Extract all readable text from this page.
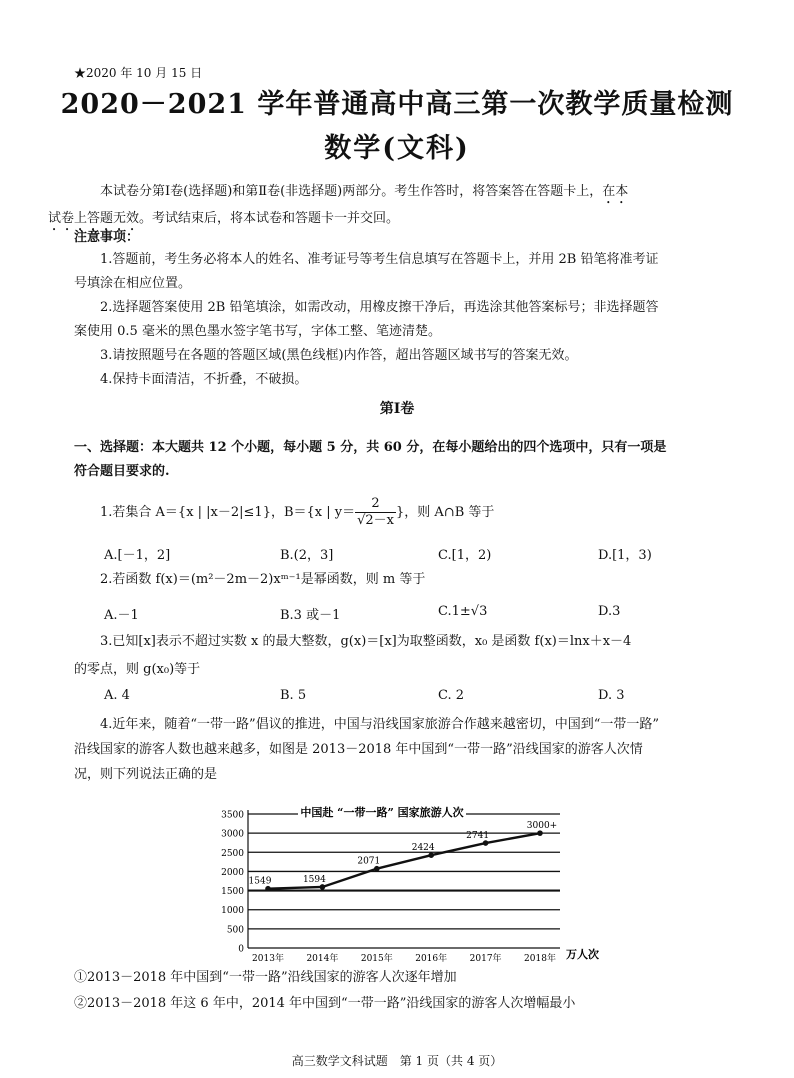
★2020 年 10 月 15 日
2020－2021 学年普通高中高三第一次教学质量检测
数学(文科)
本试卷分第Ⅰ卷(选择题)和第Ⅱ卷(非选择题)两部分。考生作答时，将答案答在答题卡上，在本
试卷上答题无效。考试结束后，将本试卷和答题卡一并交回。
注意事项：
1.答题前，考生务必将本人的姓名、准考证号等考生信息填写在答题卡上，并用 2B 铅笔将准考证
号填涂在相应位置。
2.选择题答案使用 2B 铅笔填涂，如需改动，用橡皮擦干净后，再选涂其他答案标号；非选择题答
案使用 0.5 毫米的黑色墨水签字笔书写，字体工整、笔迹清楚。
3.请按照题号在各题的答题区域(黑色线框)内作答，超出答题区域书写的答案无效。
4.保持卡面清洁，不折叠，不破损。
第Ⅰ卷
一、选择题：本大题共 12 个小题，每小题 5 分，共 60 分，在每小题给出的四个选项中，只有一项是
符合题目要求的.
1.若集合 A＝{x | |x－2|≤1}，B＝{x | $y= \frac{2}{√2-x}$ }，则 A∩B 等于
A.[－1，2]	B.(2，3]	C.[1，2)	D.[1，3)
2.若函数 f(x)＝(m²－2m－2)xᵐ⁻¹是幂函数，则 m 等于
A.－1	B.3 或－1	C.1±√3	D.3
3.已知[x]表示不超过实数 x 的最大整数，g(x)＝[x]为取整函数，x₀ 是函数 f(x)＝lnx＋x－4
的零点，则 g(x₀)等于
A. 4	B. 5	C. 2	D. 3
4.近年来，随着“一带一路”倡议的推进，中国与沿线国家旅游合作越来越密切，中国到“一带一路”
沿线国家的游客人数也越来越多，如图是 2013－2018 年中国到“一带一路”沿线国家的游客人次情
况，则下列说法正确的是
0
500
1000
1500
2000
2500
3000
3500	中国赴 “一带一路” 国家旅游人次
1549	1594
2071
2424
2741
3000+
2013年 2014年 2015年 2016年 2017年 2018年 万人次
①2013－2018 年中国到“一带一路”沿线国家的游客人次逐年增加
②2013－2018 年这 6 年中，2014 年中国到“一带一路”沿线国家的游客人次增幅最小
高三数学文科试题　第 1 页（共 4 页）
